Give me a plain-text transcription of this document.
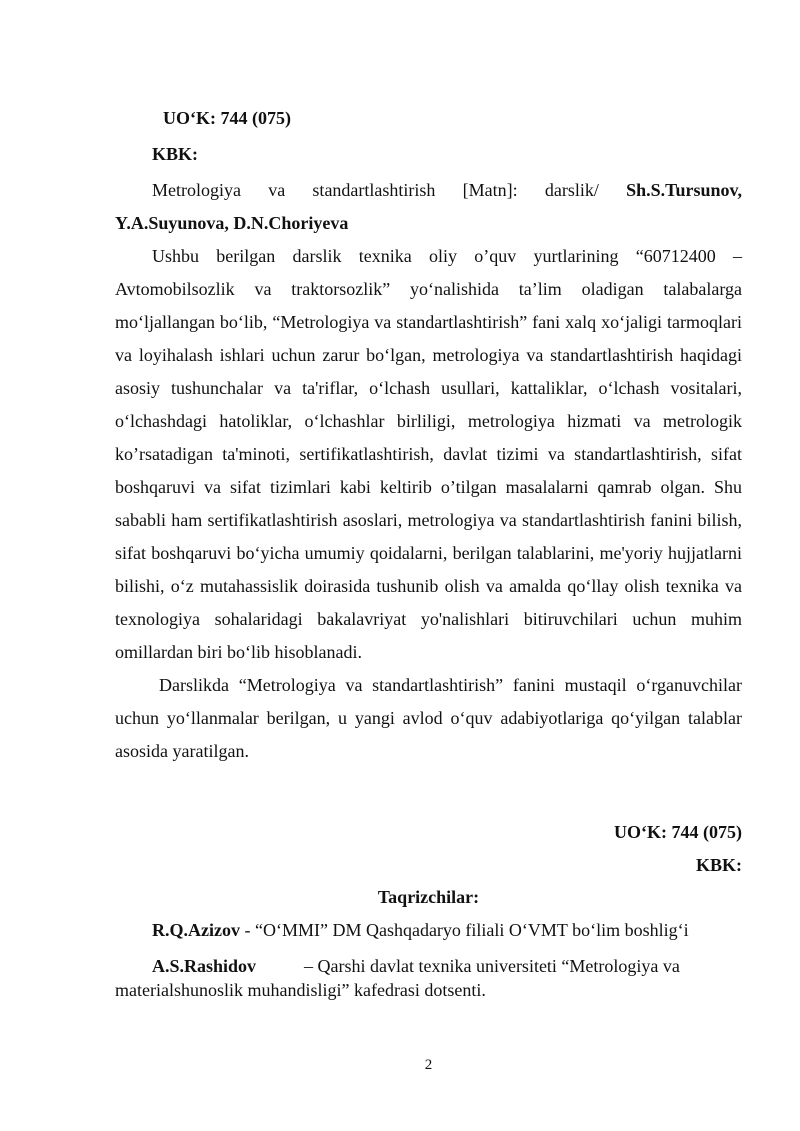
UO‘K: 744 (075)
KBK:

Metrologiya va standartlashtirish [Matn]: darslik/ Sh.S.Tursunov, Y.A.Suyunova, D.N.Choriyeva

Ushbu berilgan darslik texnika oliy o’quv yurtlarining “60712400 – Avtomobilsozlik va traktorsozlik” yo‘nalishida ta’lim oladigan talabalarga mo‘ljallangan bo‘lib, “Metrologiya va standartlashtirish” fani xalq xo‘jaligi tarmoqlari va loyihalash ishlari uchun zarur bo‘lgan, metrologiya va standartlashtirish haqidagi asosiy tushunchalar va ta'riflar, o‘lchash usullari, kattaliklar, o‘lchash vositalari, o‘lchashdagi hatoliklar, o‘lchashlar birliligi, metrologiya hizmati va metrologik ko’rsatadigan ta'minoti, sertifikatlashtirish, davlat tizimi va standartlashtirish, sifat boshqaruvi va sifat tizimlari kabi keltirib o’tilgan masalalarni qamrab olgan. Shu sababli ham sertifikatlashtirish asoslari, metrologiya va standartlashtirish fanini bilish, sifat boshqaruvi bo‘yicha umumiy qoidalarni, berilgan talablarini, me'yoriy hujjatlarni bilishi, o‘z mutahassislik doirasida tushunib olish va amalda qo‘llay olish texnika va texnologiya sohalaridagi bakalavriyat yo'nalishlari bitiruvchilari uchun muhim omillardan biri bo‘lib hisoblanadi.

Darslikda “Metrologiya va standartlashtirish” fanini mustaqil o‘rganuvchilar uchun yo‘llanmalar berilgan, u yangi avlod o‘quv adabiyotlariga qo‘yilgan talablar asosida yaratilgan.

UO‘K: 744 (075)
KBK:
Taqrizchilar:
R.Q.Azizov - “O‘MMI” DM Qashqadaryo filiali O‘VMT bo‘lim boshlig‘i
A.S.Rashidov	– Qarshi davlat texnika universiteti “Metrologiya va materialshunoslik muhandisligi” kafedrasi dotsenti.
2
